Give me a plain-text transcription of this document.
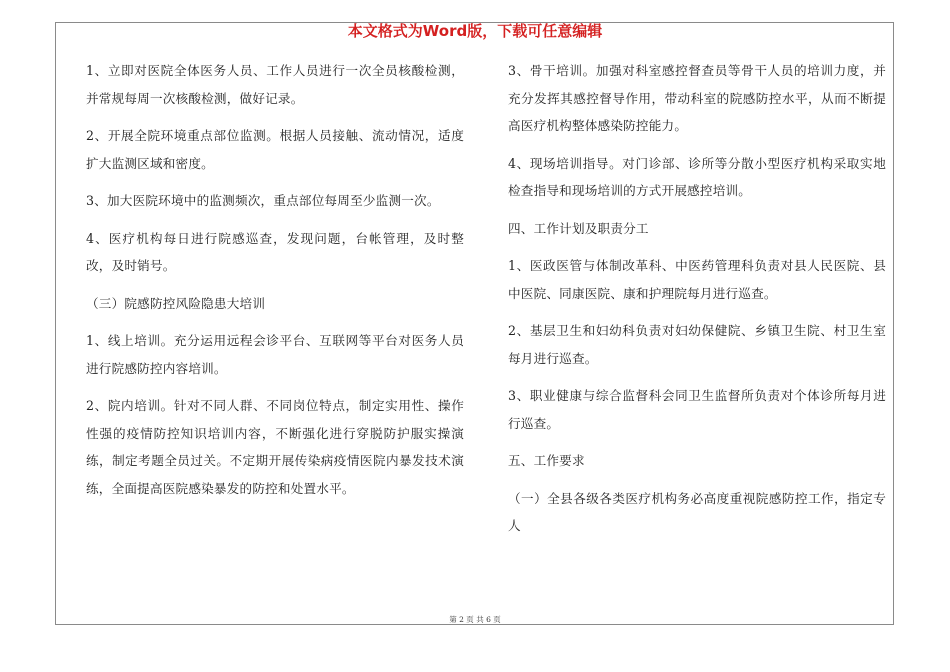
本文格式为Word版，下载可任意编辑

1、立即对医院全体医务人员、工作人员进行一次全员核酸检测，并常规每周一次核酸检测，做好记录。

2、开展全院环境重点部位监测。根据人员接触、流动情况，适度扩大监测区域和密度。

3、加大医院环境中的监测频次，重点部位每周至少监测一次。

4、医疗机构每日进行院感巡查，发现问题，台帐管理，及时整改，及时销号。

（三）院感防控风险隐患大培训

1、线上培训。充分运用远程会诊平台、互联网等平台对医务人员进行院感防控内容培训。

2、院内培训。针对不同人群、不同岗位特点，制定实用性、操作性强的疫情防控知识培训内容，不断强化进行穿脱防护服实操演练，制定考题全员过关。不定期开展传染病疫情医院内暴发技术演练，全面提高医院感染暴发的防控和处置水平。

3、骨干培训。加强对科室感控督查员等骨干人员的培训力度，并充分发挥其感控督导作用，带动科室的院感防控水平，从而不断提高医疗机构整体感染防控能力。

4、现场培训指导。对门诊部、诊所等分散小型医疗机构采取实地检查指导和现场培训的方式开展感控培训。

四、工作计划及职责分工

1、医政医管与体制改革科、中医药管理科负责对县人民医院、县中医院、同康医院、康和护理院每月进行巡查。

2、基层卫生和妇幼科负责对妇幼保健院、乡镇卫生院、村卫生室每月进行巡查。

3、职业健康与综合监督科会同卫生监督所负责对个体诊所每月进行巡查。

五、工作要求

（一）全县各级各类医疗机构务必高度重视院感防控工作，指定专人

第 2 页 共 6 页
